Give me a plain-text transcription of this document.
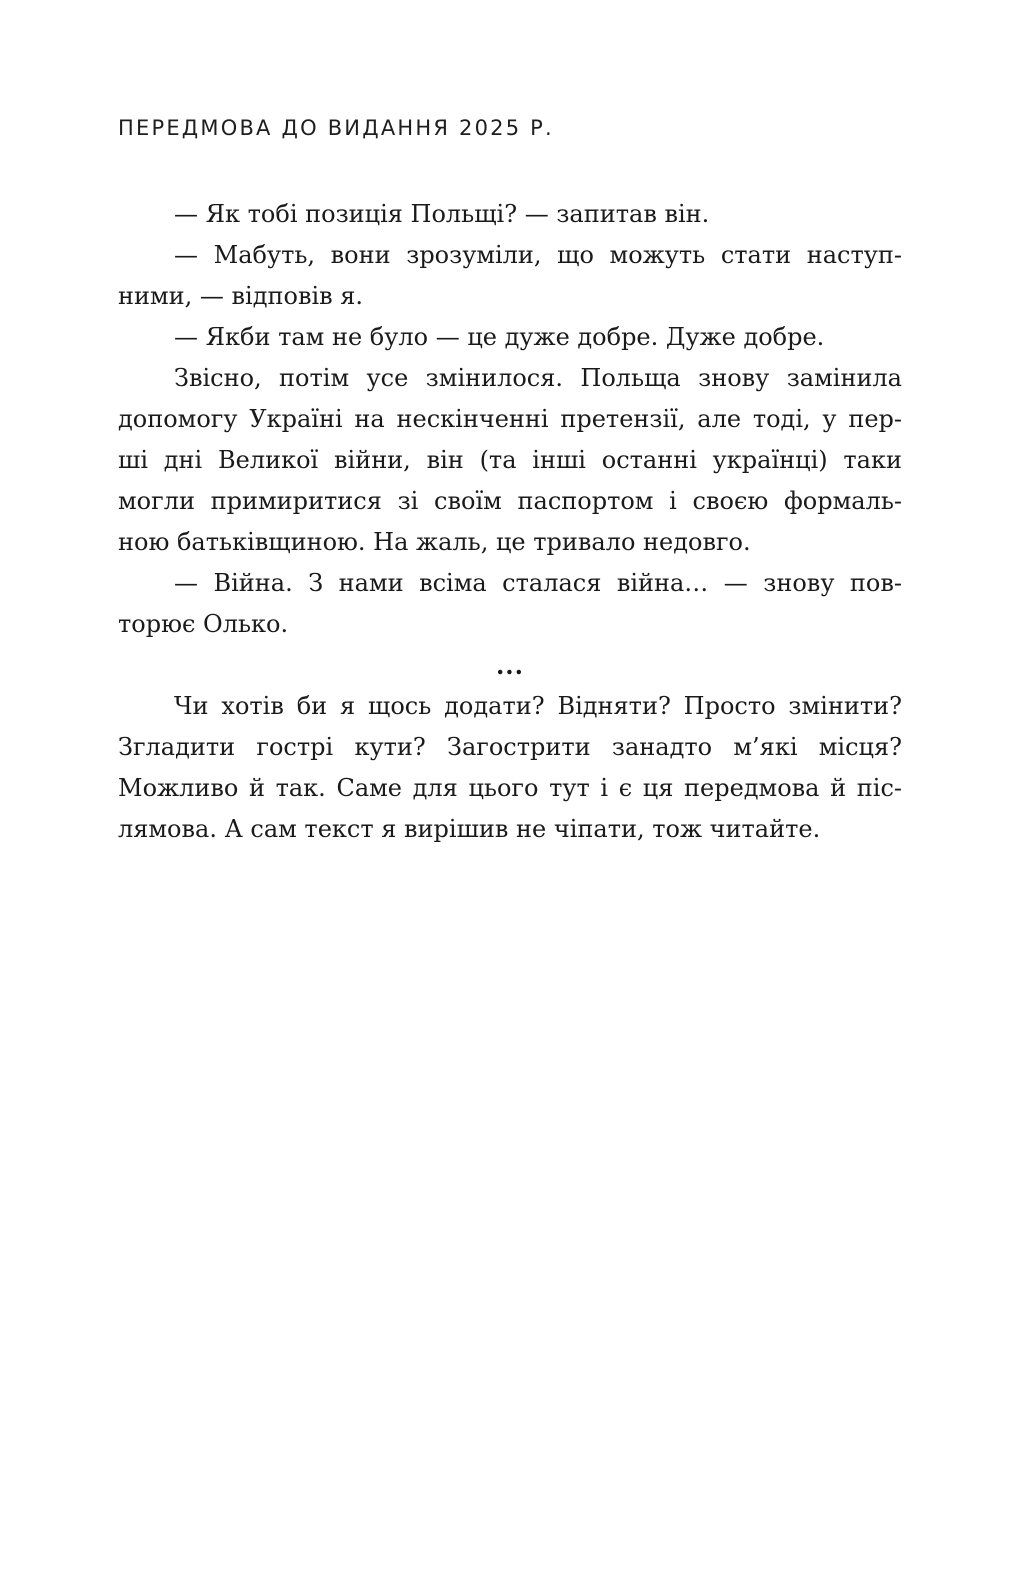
ПЕРЕДМОВА ДО ВИДАННЯ 2025 Р.
— Як тобі позиція Польщі? — запитав він.
— Мабуть, вони зрозуміли, що можуть стати наступ-
ними, — відповів я.
— Якби там не було — це дуже добре. Дуже добре.
Звісно, потім усе змінилося. Польща знову замінила
допомогу Україні на нескінченні претензії, але тоді, у пер-
ші дні Великої війни, він (та інші останні українці) таки
могли примиритися зі своїм паспортом і своєю формаль-
ною батьківщиною. На жаль, це тривало недовго.
— Війна. З нами всіма сталася війна… — знову пов-
торює Олько.
...
Чи хотів би я щось додати? Відняти? Просто змінити?
Згладити гострі кути? Загострити занадто м’які місця?
Можливо й так. Саме для цього тут і є ця передмова й піс-
лямова. А сам текст я вирішив не чіпати, тож читайте.
